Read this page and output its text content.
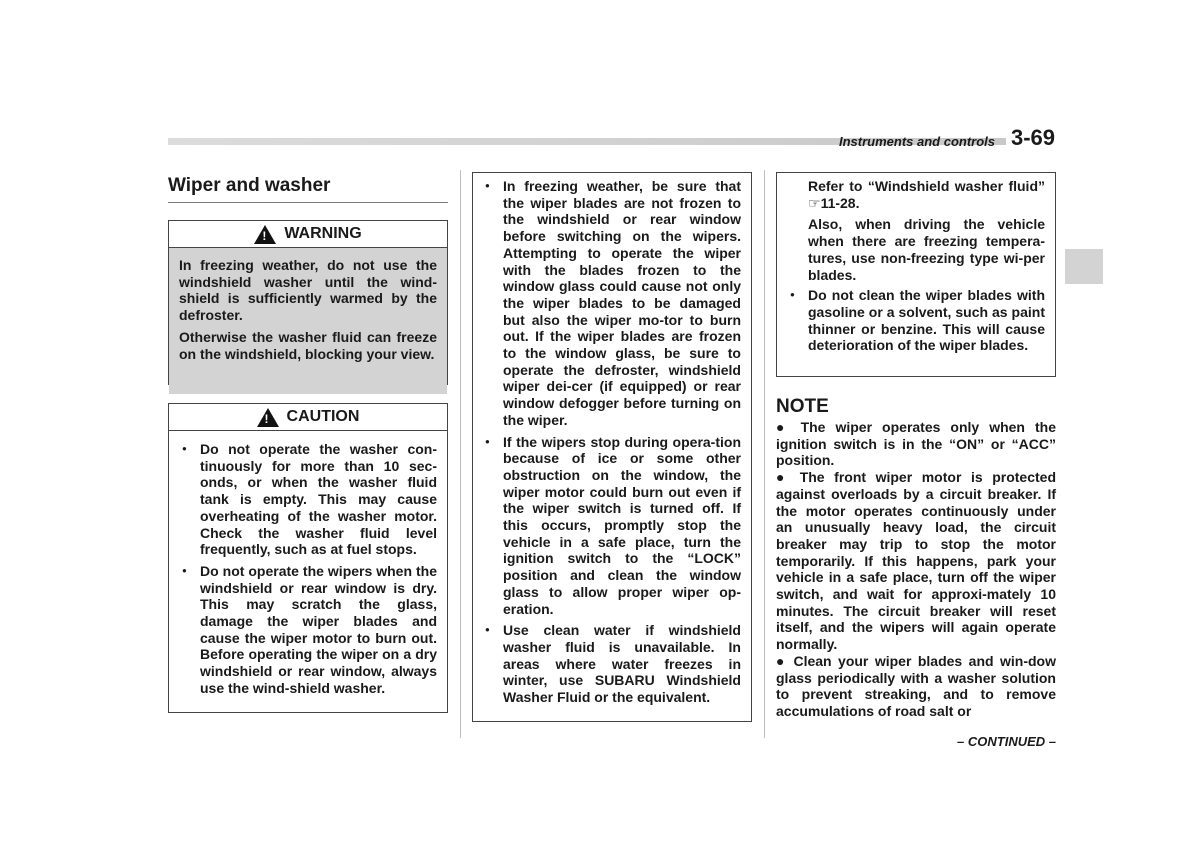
Instruments and controls 3-69
Wiper and washer
! WARNING

In freezing weather, do not use the windshield washer until the wind-shield is sufficiently warmed by the defroster.

Otherwise the washer fluid can freeze on the windshield, blocking your view.

! CAUTION
● Do not operate the washer con-tinuously for more than 10 sec-onds, or when the washer fluid tank is empty. This may cause overheating of the washer motor. Check the washer fluid level frequently, such as at fuel stops.
● Do not operate the wipers when the windshield or rear window is dry. This may scratch the glass, damage the wiper blades and cause the wiper motor to burn out. Before operating the wiper on a dry windshield or rear window, always use the wind-shield washer.
● In freezing weather, be sure that the wiper blades are not frozen to the windshield or rear window before switching on the wipers. Attempting to operate the wiper with the blades frozen to the window glass could cause not only the wiper blades to be damaged but also the wiper mo-tor to burn out. If the wiper blades are frozen to the window glass, be sure to operate the defroster, windshield wiper dei-cer (if equipped) or rear window defogger before turning on the wiper.
● If the wipers stop during opera-tion because of ice or some other obstruction on the window, the wiper motor could burn out even if the wiper switch is turned off. If this occurs, promptly stop the vehicle in a safe place, turn the ignition switch to the “LOCK” position and clean the window glass to allow proper wiper op-eration.
● Use clean water if windshield washer fluid is unavailable. In areas where water freezes in winter, use SUBARU Windshield Washer Fluid or the equivalent.

Refer to “Windshield washer fluid” ☞11-28.

Also, when driving the vehicle when there are freezing tempera-tures, use non-freezing type wi-per blades.

● Do not clean the wiper blades with gasoline or a solvent, such as paint thinner or benzine. This will cause deterioration of the wiper blades.
NOTE

● The wiper operates only when the ignition switch is in the “ON” or “ACC” position.

● The front wiper motor is protected against overloads by a circuit breaker. If the motor operates continuously under an unusually heavy load, the circuit breaker may trip to stop the motor temporarily. If this happens, park your vehicle in a safe place, turn off the wiper switch, and wait for approxi-mately 10 minutes. The circuit breaker will reset itself, and the wipers will again operate normally.

● Clean your wiper blades and win-dow glass periodically with a washer solution to prevent streaking, and to remove accumulations of road salt or

– CONTINUED –
